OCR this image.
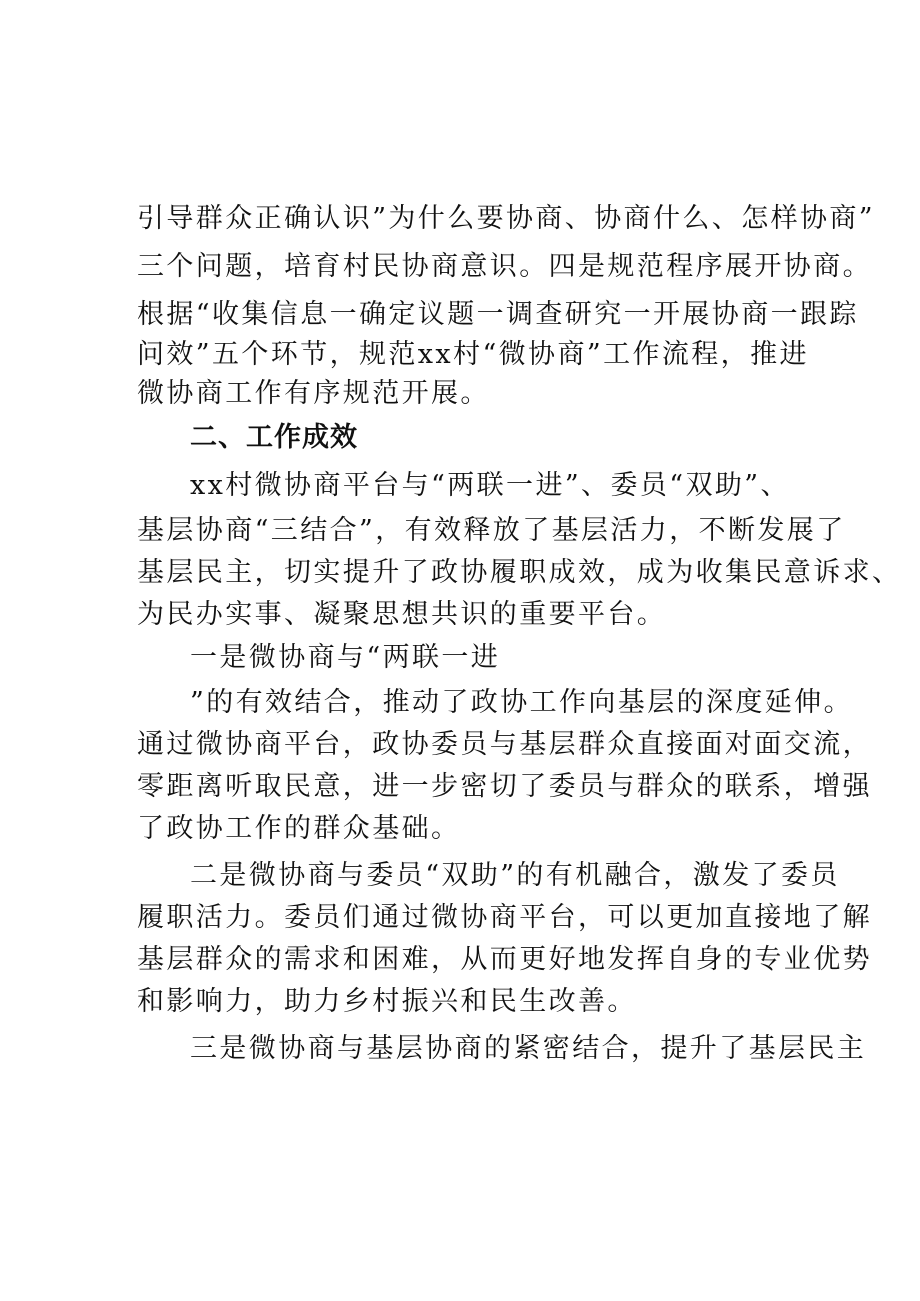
引导群众正确认识”为什么要协商、协商什么、怎样协商”
三个问题，培育村民协商意识。四是规范程序展开协商。
根据“收集信息一确定议题一调查研究一开展协商一跟踪
问效”五个环节，规范xx村“微协商”工作流程，推进
微协商工作有序规范开展。
二、工作成效
xx村微协商平台与“两联一进”、委员“双助”、
基层协商“三结合”，有效释放了基层活力，不断发展了
基层民主，切实提升了政协履职成效，成为收集民意诉求、
为民办实事、凝聚思想共识的重要平台。
一是微协商与“两联一进
”的有效结合，推动了政协工作向基层的深度延伸。
通过微协商平台，政协委员与基层群众直接面对面交流，
零距离听取民意，进一步密切了委员与群众的联系，增强
了政协工作的群众基础。
二是微协商与委员“双助”的有机融合，激发了委员
履职活力。委员们通过微协商平台，可以更加直接地了解
基层群众的需求和困难，从而更好地发挥自身的专业优势
和影响力，助力乡村振兴和民生改善。
三是微协商与基层协商的紧密结合，提升了基层民主
